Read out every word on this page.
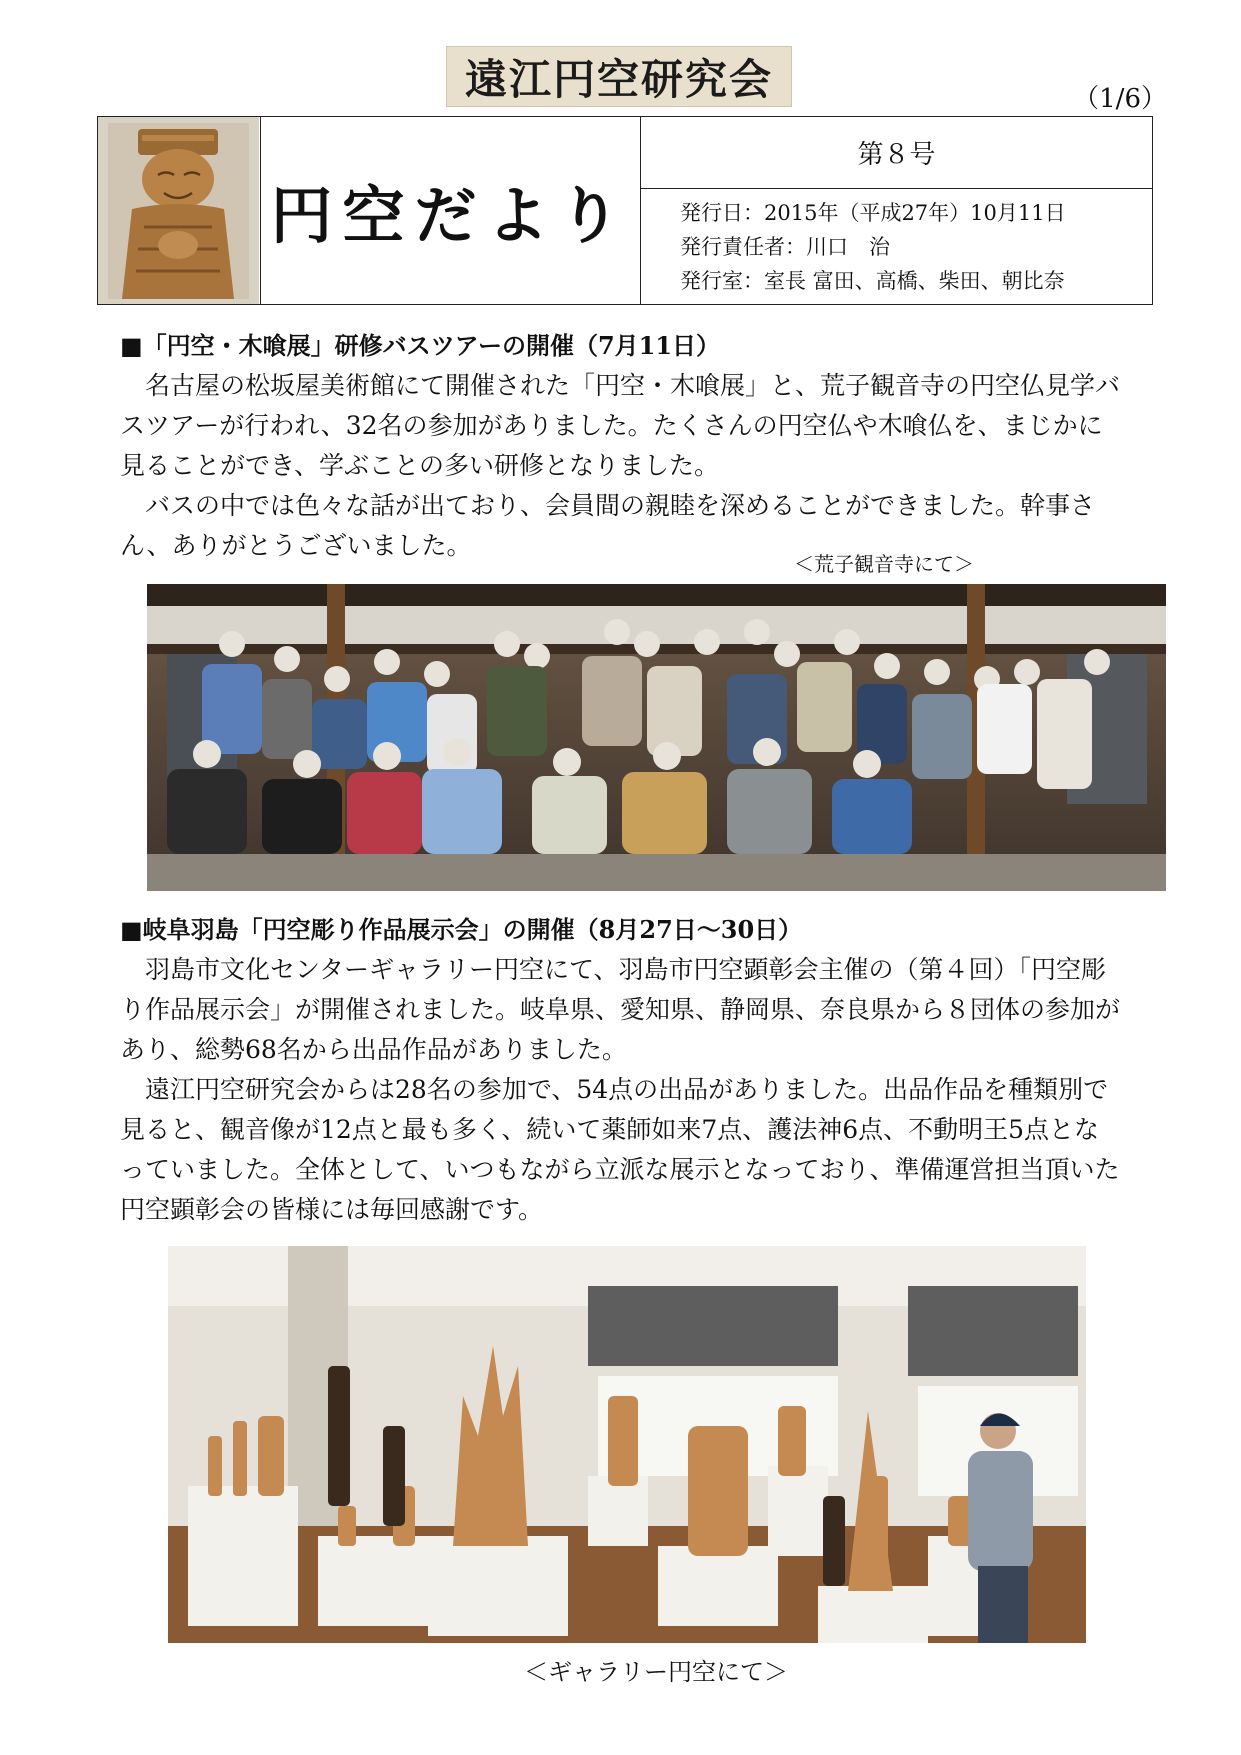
遠江円空研究会	（1/6）
円空だより
第８号
発行日：2015年（平成27年）10月11日
発行責任者：川口　治
発行室：室長 富田、高橋、柴田、朝比奈
■「円空・木喰展」研修バスツアーの開催（7月11日）
名古屋の松坂屋美術館にて開催された「円空・木喰展」と、荒子観音寺の円空仏見学バスツアーが行われ、32名の参加がありました。たくさんの円空仏や木喰仏を、まじかに見ることができ、学ぶことの多い研修となりました。
バスの中では色々な話が出ており、会員間の親睦を深めることができました。幹事さん、ありがとうございました。
＜荒子観音寺にて＞
■岐阜羽島「円空彫り作品展示会」の開催（8月27日～30日）
羽島市文化センターギャラリー円空にて、羽島市円空顕彰会主催の（第４回）「円空彫り作品展示会」が開催されました。岐阜県、愛知県、静岡県、奈良県から８団体の参加があり、総勢68名から出品作品がありました。
遠江円空研究会からは28名の参加で、54点の出品がありました。出品作品を種類別で見ると、観音像が12点と最も多く、続いて薬師如来7点、護法神6点、不動明王5点となっていました。全体として、いつもながら立派な展示となっており、準備運営担当頂いた円空顕彰会の皆様には毎回感謝です。
＜ギャラリー円空にて＞
